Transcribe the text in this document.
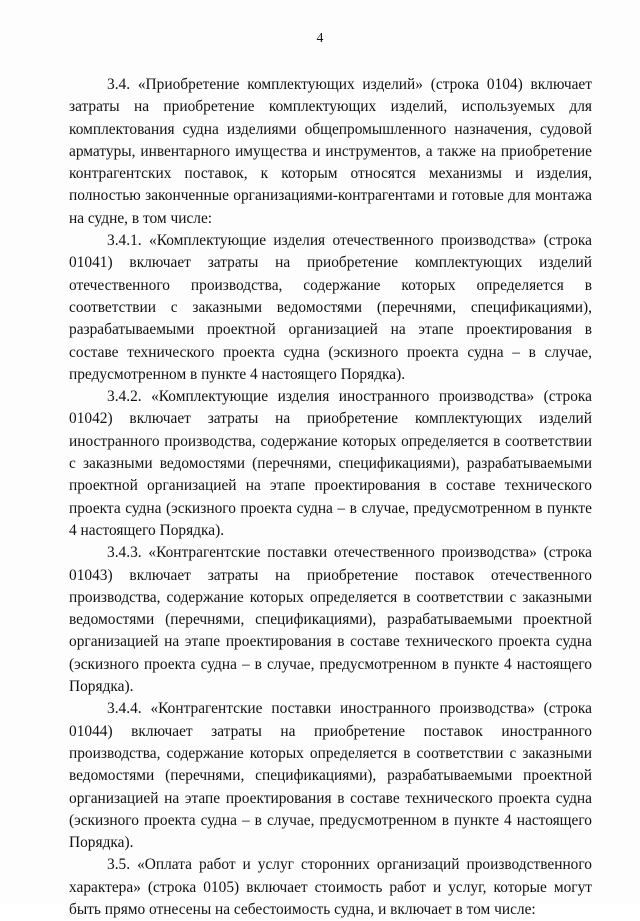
4

3.4. «Приобретение комплектующих изделий» (строка 0104) включает затраты на приобретение комплектующих изделий, используемых для комплектования судна изделиями общепромышленного назначения, судовой арматуры, инвентарного имущества и инструментов, а также на приобретение контрагентских поставок, к которым относятся механизмы и изделия, полностью законченные организациями-контрагентами и готовые для монтажа на судне, в том числе:

3.4.1. «Комплектующие изделия отечественного производства» (строка 01041) включает затраты на приобретение комплектующих изделий отечественного производства, содержание которых определяется в соответствии с заказными ведомостями (перечнями, спецификациями), разрабатываемыми проектной организацией на этапе проектирования в составе технического проекта судна (эскизного проекта судна – в случае, предусмотренном в пункте 4 настоящего Порядка).

3.4.2. «Комплектующие изделия иностранного производства» (строка 01042) включает затраты на приобретение комплектующих изделий иностранного производства, содержание которых определяется в соответствии с заказными ведомостями (перечнями, спецификациями), разрабатываемыми проектной организацией на этапе проектирования в составе технического проекта судна (эскизного проекта судна – в случае, предусмотренном в пункте 4 настоящего Порядка).

3.4.3. «Контрагентские поставки отечественного производства» (строка 01043) включает затраты на приобретение поставок отечественного производства, содержание которых определяется в соответствии с заказными ведомостями (перечнями, спецификациями), разрабатываемыми проектной организацией на этапе проектирования в составе технического проекта судна (эскизного проекта судна – в случае, предусмотренном в пункте 4 настоящего Порядка).

3.4.4. «Контрагентские поставки иностранного производства» (строка 01044) включает затраты на приобретение поставок иностранного производства, содержание которых определяется в соответствии с заказными ведомостями (перечнями, спецификациями), разрабатываемыми проектной организацией на этапе проектирования в составе технического проекта судна (эскизного проекта судна – в случае, предусмотренном в пункте 4 настоящего Порядка).

3.5. «Оплата работ и услуг сторонних организаций производственного характера» (строка 0105) включает стоимость работ и услуг, которые могут быть прямо отнесены на себестоимость судна, и включает в том числе:
